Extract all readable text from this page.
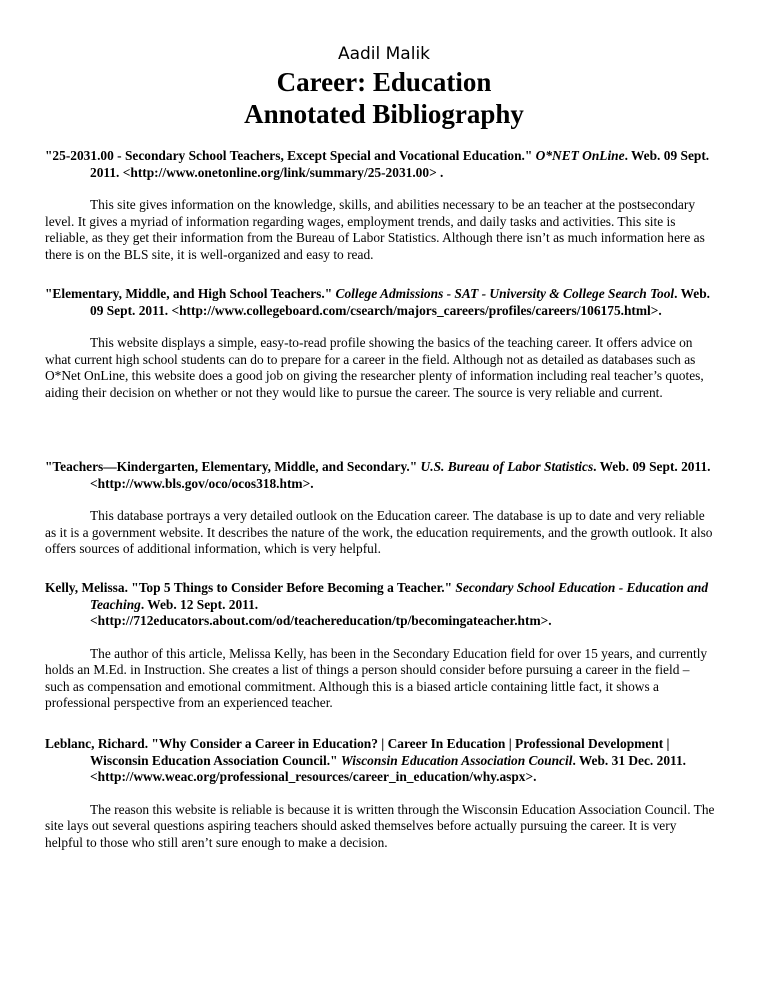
Aadil Malik
Career: Education
Annotated Bibliography
"25-2031.00 - Secondary School Teachers, Except Special and Vocational Education." O*NET OnLine. Web. 09 Sept. 2011. <http://www.onetonline.org/link/summary/25-2031.00> .
This site gives information on the knowledge, skills, and abilities necessary to be an teacher at the postsecondary level. It gives a myriad of information regarding wages, employment trends, and daily tasks and activities. This site is reliable, as they get their information from the Bureau of Labor Statistics. Although there isn’t as much information here as there is on the BLS site, it is well-organized and easy to read.
"Elementary, Middle, and High School Teachers." College Admissions - SAT - University & College Search Tool. Web. 09 Sept. 2011. <http://www.collegeboard.com/csearch/majors_careers/profiles/careers/106175.html>.
This website displays a simple, easy-to-read profile showing the basics of the teaching career. It offers advice on what current high school students can do to prepare for a career in the field. Although not as detailed as databases such as O*Net OnLine, this website does a good job on giving the researcher plenty of information including real teacher’s quotes, aiding their decision on whether or not they would like to pursue the career. The source is very reliable and current.
"Teachers—Kindergarten, Elementary, Middle, and Secondary." U.S. Bureau of Labor Statistics. Web. 09 Sept. 2011. <http://www.bls.gov/oco/ocos318.htm>.
This database portrays a very detailed outlook on the Education career. The database is up to date and very reliable as it is a government website. It describes the nature of the work, the education requirements, and the growth outlook. It also offers sources of additional information, which is very helpful.
Kelly, Melissa. "Top 5 Things to Consider Before Becoming a Teacher." Secondary School Education - Education and Teaching. Web. 12 Sept. 2011. <http://712educators.about.com/od/teachereducation/tp/becomingateacher.htm>.
The author of this article, Melissa Kelly, has been in the Secondary Education field for over 15 years, and currently holds an M.Ed. in Instruction. She creates a list of things a person should consider before pursuing a career in the field – such as compensation and emotional commitment. Although this is a biased article containing little fact, it shows a professional perspective from an experienced teacher.
Leblanc, Richard. "Why Consider a Career in Education? | Career In Education | Professional Development | Wisconsin Education Association Council." Wisconsin Education Association Council. Web. 31 Dec. 2011. <http://www.weac.org/professional_resources/career_in_education/why.aspx>.
The reason this website is reliable is because it is written through the Wisconsin Education Association Council. The site lays out several questions aspiring teachers should asked themselves before actually pursuing the career. It is very helpful to those who still aren’t sure enough to make a decision.
